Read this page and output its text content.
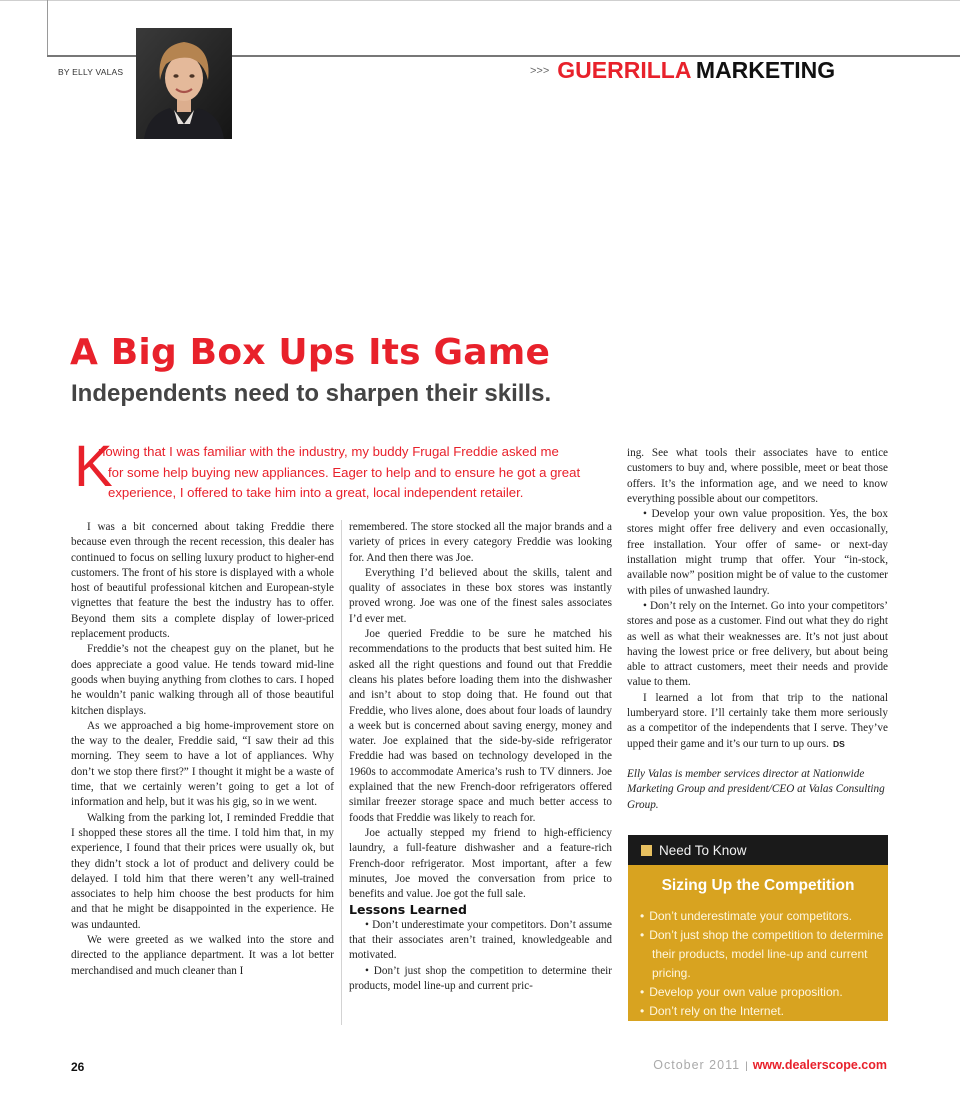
BY ELLY VALAS	>>> GUERRILLA MARKETING
A Big Box Ups Its Game
Independents need to sharpen their skills.
K

nowing that I was familiar with the industry, my buddy Frugal Freddie asked me

for some help buying new appliances. Eager to help and to ensure he got a great

experience, I offered to take him into a great, local independent retailer.

I was a bit concerned about taking Freddie there because even through the recent recession, this dealer has continued to focus on selling luxury product to higher-end customers. The front of his store is displayed with a whole host of beautiful professional kitchen and European-style vignettes that feature the best the industry has to offer. Beyond them sits a complete display of lower-priced replacement products.

Freddie’s not the cheapest guy on the planet, but he does appreciate a good value. He tends toward mid-line goods when buying anything from clothes to cars. I hoped he wouldn’t panic walking through all of those beautiful kitchen displays.

As we approached a big home-improvement store on the way to the dealer, Freddie said, “I saw their ad this morning. They seem to have a lot of appliances. Why don’t we stop there first?” I thought it might be a waste of time, that we certainly weren’t going to get a lot of information and help, but it was his gig, so in we went.

Walking from the parking lot, I reminded Freddie that I shopped these stores all the time. I told him that, in my experience, I found that their prices were usually ok, but they didn’t stock a lot of product and delivery could be delayed. I told him that there weren’t any well-trained associates to help him choose the best products for him and that he might be disappointed in the experience. He was undaunted.

We were greeted as we walked into the store and directed to the appliance department. It was a lot better merchandised and much cleaner than I

remembered. The store stocked all the major brands and a variety of prices in every category Freddie was looking for. And then there was Joe.

Everything I’d believed about the skills, talent and quality of associates in these box stores was instantly proved wrong. Joe was one of the finest sales associates I’d ever met.

Joe queried Freddie to be sure he matched his recommendations to the products that best suited him. He asked all the right questions and found out that Freddie cleans his plates before loading them into the dishwasher and isn’t about to stop doing that. He found out that Freddie, who lives alone, does about four loads of laundry a week but is concerned about saving energy, money and water. Joe explained that the side-by-side refrigerator Freddie had was based on technology developed in the 1960s to accommodate America’s rush to TV dinners. Joe explained that the new French-door refrigerators offered similar freezer storage space and much better access to foods that Freddie was likely to reach for.

Joe actually stepped my friend to high-efficiency laundry, a full-feature dishwasher and a feature-rich French-door refrigerator. Most important, after a few minutes, Joe moved the conversation from price to benefits and value. Joe got the full sale.

Lessons Learned

• Don’t underestimate your competitors. Don’t assume that their associates aren’t trained, knowledgeable and motivated.

• Don’t just shop the competition to determine their products, model line-up and current pric-

ing. See what tools their associates have to entice customers to buy and, where possible, meet or beat those offers. It’s the information age, and we need to know everything possible about our competitors.

• Develop your own value proposition. Yes, the box stores might offer free delivery and even occasionally, free installation. Your offer of same- or next-day installation might trump that offer. Your “in-stock, available now” position might be of value to the customer with piles of unwashed laundry.

• Don’t rely on the Internet. Go into your competitors’ stores and pose as a customer. Find out what they do right as well as what their weaknesses are. It’s not just about having the lowest price or free delivery, but about being able to attract customers, meet their needs and provide value to them.

I learned a lot from that trip to the national lumberyard store. I’ll certainly take them more seriously as a competitor of the independents that I serve. They’ve upped their game and it’s our turn to up ours. DS

Elly Valas is member services director at Nationwide Marketing Group and president/CEO at Valas Consulting Group.

Need To Know
Sizing Up the Competition
• Don’t underestimate your competitors.
• Don’t just shop the competition to determine their products, model line-up and current pricing.
• Develop your own value proposition.
• Don’t rely on the Internet.
26	October 2011 | www.dealerscope.com
